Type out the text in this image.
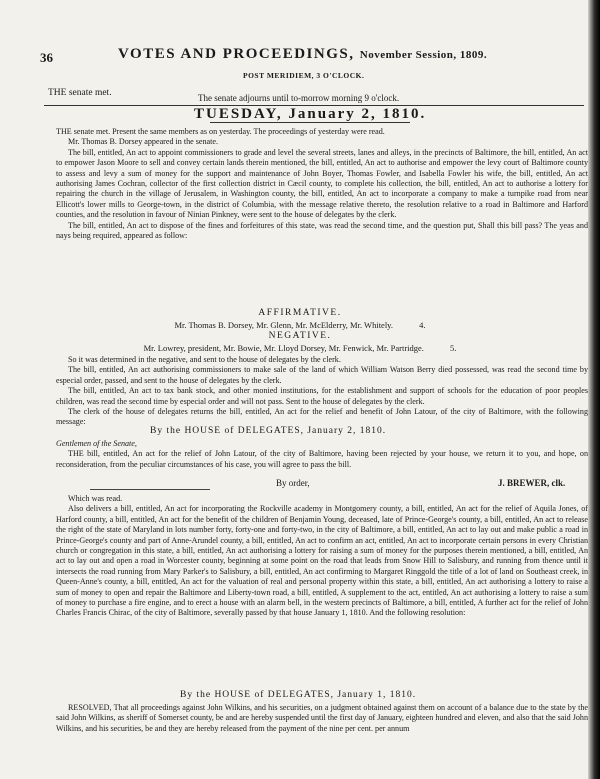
36	VOTES AND PROCEEDINGS, November Session, 1809.
POST MERIDIEM, 3 O'CLOCK.
THE senate met.	The senate adjourns until to-morrow morning 9 o'clock.
TUESDAY, January 2, 1810.

THE senate met. Present the same members as on yesterday. The proceedings of yesterday were read.

Mr. Thomas B. Dorsey appeared in the senate.

The bill, entitled, An act to appoint commissioners to grade and level the several streets, lanes and alleys, in the precincts of Baltimore, the bill, entitled, An act to empower Jason Moore to sell and convey certain lands therein mentioned, the bill, entitled, An act to authorise and empower the levy court of Baltimore county to assess and levy a sum of money for the support and maintenance of John Boyer, Thomas Fowler, and Isabella Fowler his wife, the bill, entitled, An act authorising James Cochran, collector of the first collection district in Cæcil county, to complete his collection, the bill, entitled, An act to authorise a lottery for repairing the church in the village of Jerusalem, in Washington county, the bill, entitled, An act to incorporate a company to make a turnpike road from near Ellicott's lower mills to George-town, in the district of Columbia, with the message relative thereto, the resolution relative to a road in Baltimore and Harford counties, and the resolution in favour of Ninian Pinkney, were sent to the house of delegates by the clerk.

The bill, entitled, An act to dispose of the fines and forfeitures of this state, was read the second time, and the question put, Shall this bill pass? The yeas and nays being required, appeared as follow:

AFFIRMATIVE.
Mr. Thomas B. Dorsey, Mr. Glenn, Mr. McElderry, Mr. Whitely.	4.
NEGATIVE.
Mr. Lowrey, president, Mr. Bowie, Mr. Lloyd Dorsey, Mr. Fenwick, Mr. Partridge.	5.

So it was determined in the negative, and sent to the house of delegates by the clerk.

The bill, entitled, An act authorising commissioners to make sale of the land of which William Watson Berry died possessed, was read the second time by especial order, passed, and sent to the house of delegates by the clerk.

The bill, entitled, An act to tax bank stock, and other monied institutions, for the establishment and support of schools for the education of poor peoples children, was read the second time by especial order and will not pass. Sent to the house of delegates by the clerk.

The clerk of the house of delegates returns the bill, entitled, An act for the relief and benefit of John Latour, of the city of Baltimore, with the following message:

By the HOUSE of DELEGATES, January 2, 1810.

Gentlemen of the Senate,

THE bill, entitled, An act for the relief of John Latour, of the city of Baltimore, having been rejected by your house, we return it to you, and hope, on reconsideration, from the peculiar circumstances of his case, you will agree to pass the bill.

By order,	J. BREWER, clk.

Which was read.

Also delivers a bill, entitled, An act for incorporating the Rockville academy in Montgomery county, a bill, entitled, An act for the relief of Aquila Jones, of Harford county, a bill, entitled, An act for the benefit of the children of Benjamin Young, deceased, late of Prince-George's county, a bill, entitled, An act to release the right of the state of Maryland in lots number forty, forty-one and forty-two, in the city of Baltimore, a bill, entitled, An act to lay out and make public a road in Prince-George's county and part of Anne-Arundel county, a bill, entitled, An act to confirm an act, entitled, An act to incorporate certain persons in every Christian church or congregation in this state, a bill, entitled, An act authorising a lottery for raising a sum of money for the purposes therein mentioned, a bill, entitled, An act to lay out and open a road in Worcester county, beginning at some point on the road that leads from Snow Hill to Salisbury, and running from thence until it intersects the road running from Mary Parker's to Salisbury, a bill, entitled, An act confirming to Margaret Ringgold the title of a lot of land on Southeast creek, in Queen-Anne's county, a bill, entitled, An act for the valuation of real and personal property within this state, a bill, entitled, An act authorising a lottery to raise a sum of money to open and repair the Baltimore and Liberty-town road, a bill, entitled, A supplement to the act, entitled, An act authorising a lottery to raise a sum of money to purchase a fire engine, and to erect a house with an alarm bell, in the western precincts of Baltimore, a bill, entitled, A further act for the relief of John Charles Francis Chirac, of the city of Baltimore, severally passed by that house January 1, 1810. And the following resolution:

By the HOUSE of DELEGATES, January 1, 1810.

RESOLVED, That all proceedings against John Wilkins, and his securities, on a judgment obtained against them on account of a balance due to the state by the said John Wilkins, as sheriff of Somerset county, be and are hereby suspended until the first day of January, eighteen hundred and eleven, and also that the said John Wilkins, and his securities, be and they are hereby released from the payment of the nine per cent. per annum
